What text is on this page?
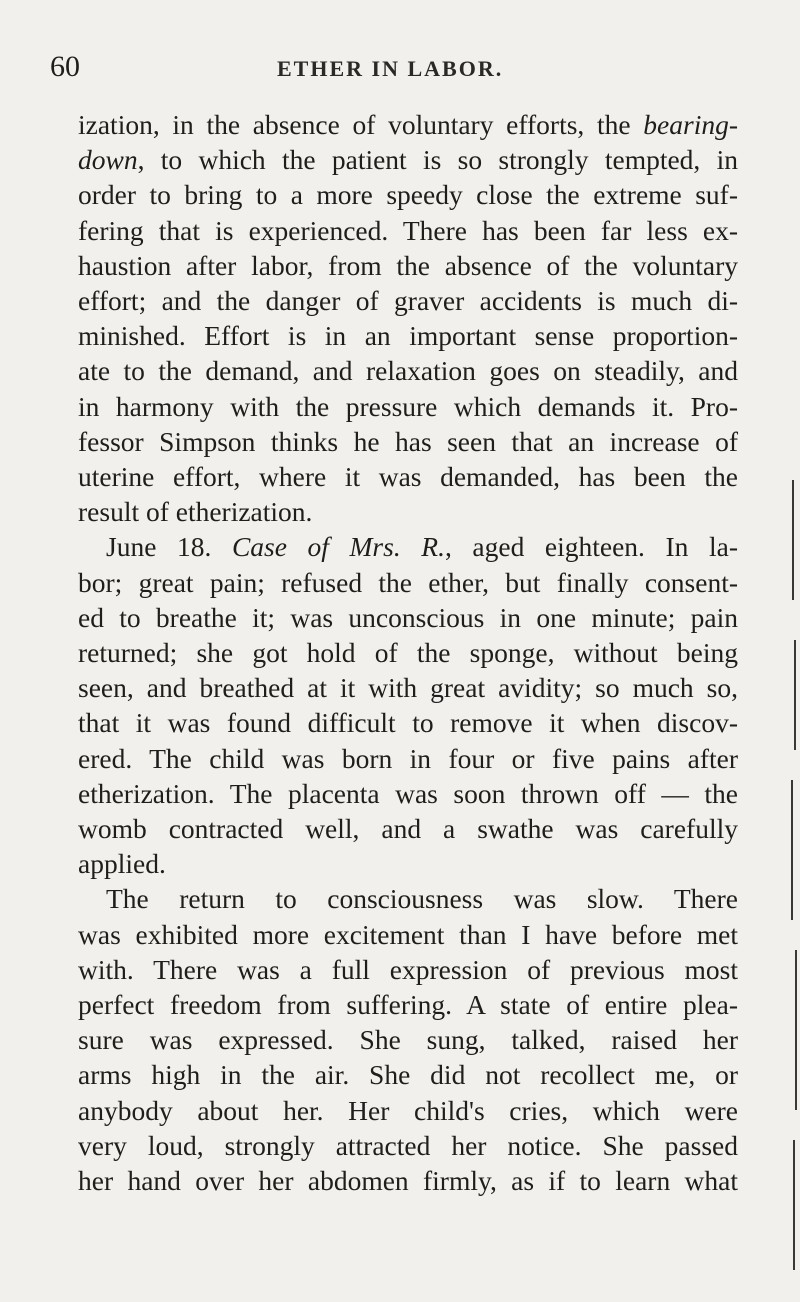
60	ETHER IN LABOR.
ization, in the absence of voluntary efforts, the bearing-
down, to which the patient is so strongly tempted, in
order to bring to a more speedy close the extreme suf-
fering that is experienced. There has been far less ex-
haustion after labor, from the absence of the voluntary
effort; and the danger of graver accidents is much di-
minished. Effort is in an important sense proportion-
ate to the demand, and relaxation goes on steadily, and
in harmony with the pressure which demands it. Pro-
fessor Simpson thinks he has seen that an increase of
uterine effort, where it was demanded, has been the
result of etherization.
June 18. Case of Mrs. R., aged eighteen. In la-
bor; great pain; refused the ether, but finally consent-
ed to breathe it; was unconscious in one minute; pain
returned; she got hold of the sponge, without being
seen, and breathed at it with great avidity; so much so,
that it was found difficult to remove it when discov-
ered. The child was born in four or five pains after
etherization. The placenta was soon thrown off — the
womb contracted well, and a swathe was carefully
applied.
The return to consciousness was slow. There
was exhibited more excitement than I have before met
with. There was a full expression of previous most
perfect freedom from suffering. A state of entire plea-
sure was expressed. She sung, talked, raised her
arms high in the air. She did not recollect me, or
anybody about her. Her child's cries, which were
very loud, strongly attracted her notice. She passed
her hand over her abdomen firmly, as if to learn what
